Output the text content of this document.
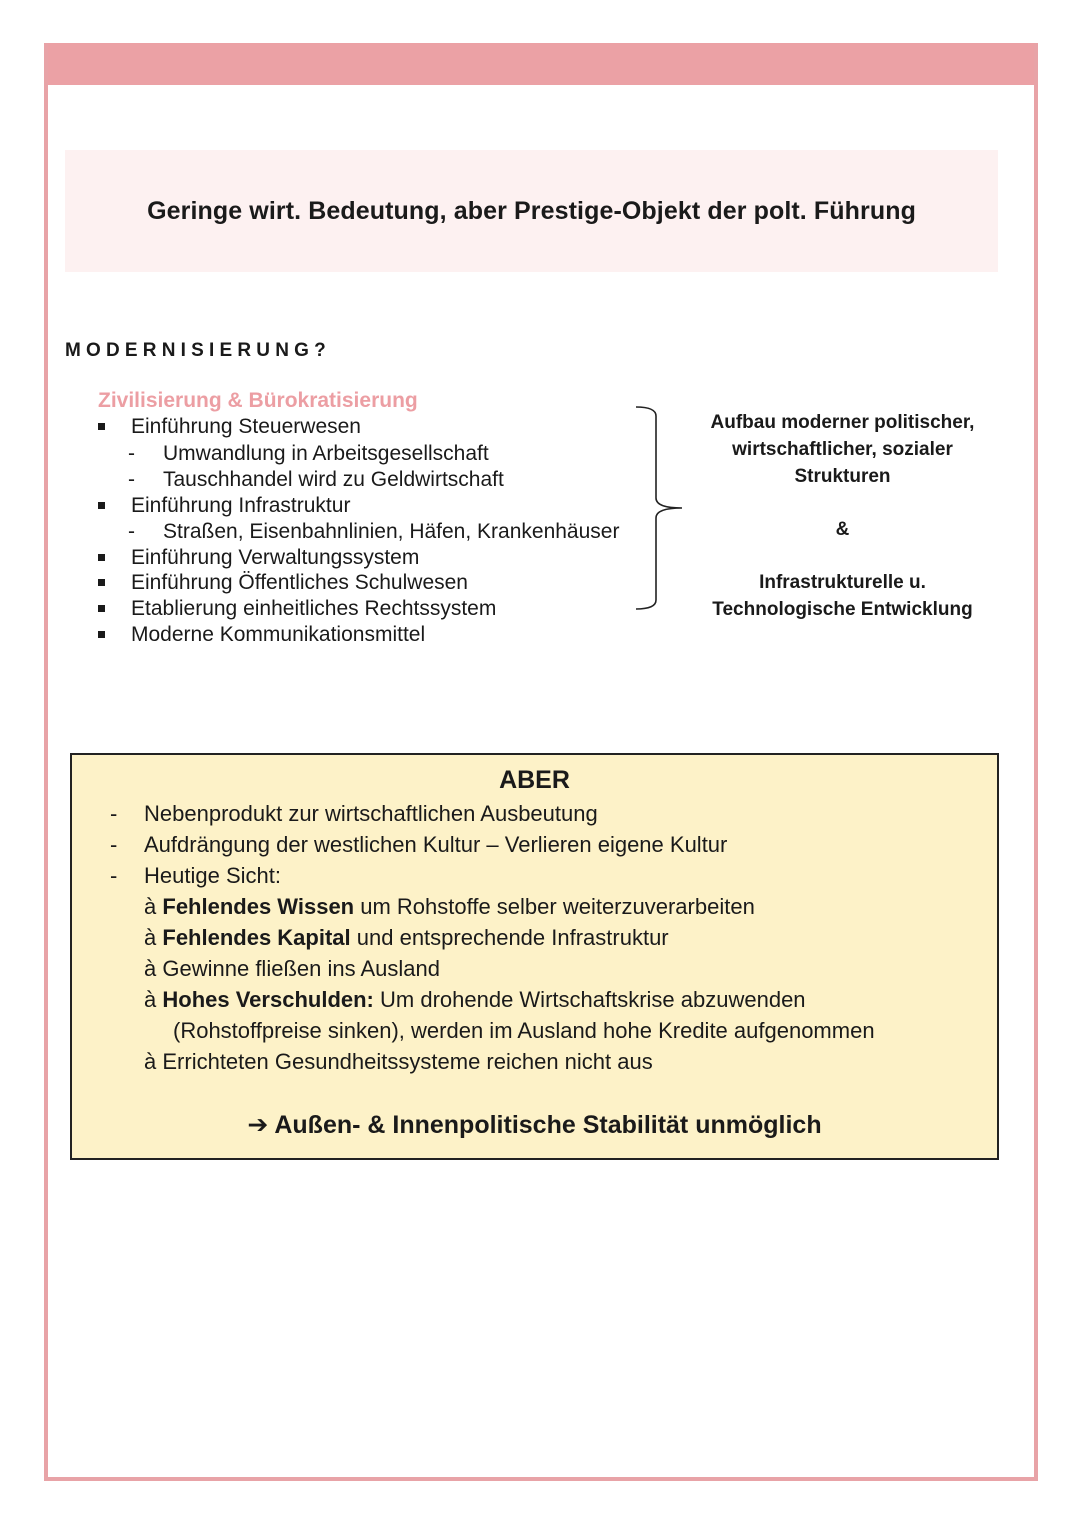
Geringe wirt. Bedeutung, aber Prestige-Objekt der polt. Führung
MODERNISIERUNG?
Zivilisierung & Bürokratisierung
Einführung Steuerwesen
- Umwandlung in Arbeitsgesellschaft
- Tauschhandel wird zu Geldwirtschaft
Einführung Infrastruktur
- Straßen, Eisenbahnlinien, Häfen, Krankenhäuser
Einführung Verwaltungssystem
Einführung Öffentliches Schulwesen
Etablierung einheitliches Rechtssystem
Moderne Kommunikationsmittel
Aufbau moderner politischer,
wirtschaftlicher, sozialer
Strukturen
&
Infrastrukturelle u.
Technologische Entwicklung
ABER
- Nebenprodukt zur wirtschaftlichen Ausbeutung
- Aufdrängung der westlichen Kultur – Verlieren eigene Kultur
- Heutige Sicht:
à Fehlendes Wissen um Rohstoffe selber weiterzuverarbeiten
à Fehlendes Kapital und entsprechende Infrastruktur
à Gewinne fließen ins Ausland
à Hohes Verschulden: Um drohende Wirtschaftskrise abzuwenden
(Rohstoffpreise sinken), werden im Ausland hohe Kredite aufgenommen
à Errichteten Gesundheitssysteme reichen nicht aus
➔ Außen- & Innenpolitische Stabilität unmöglich
